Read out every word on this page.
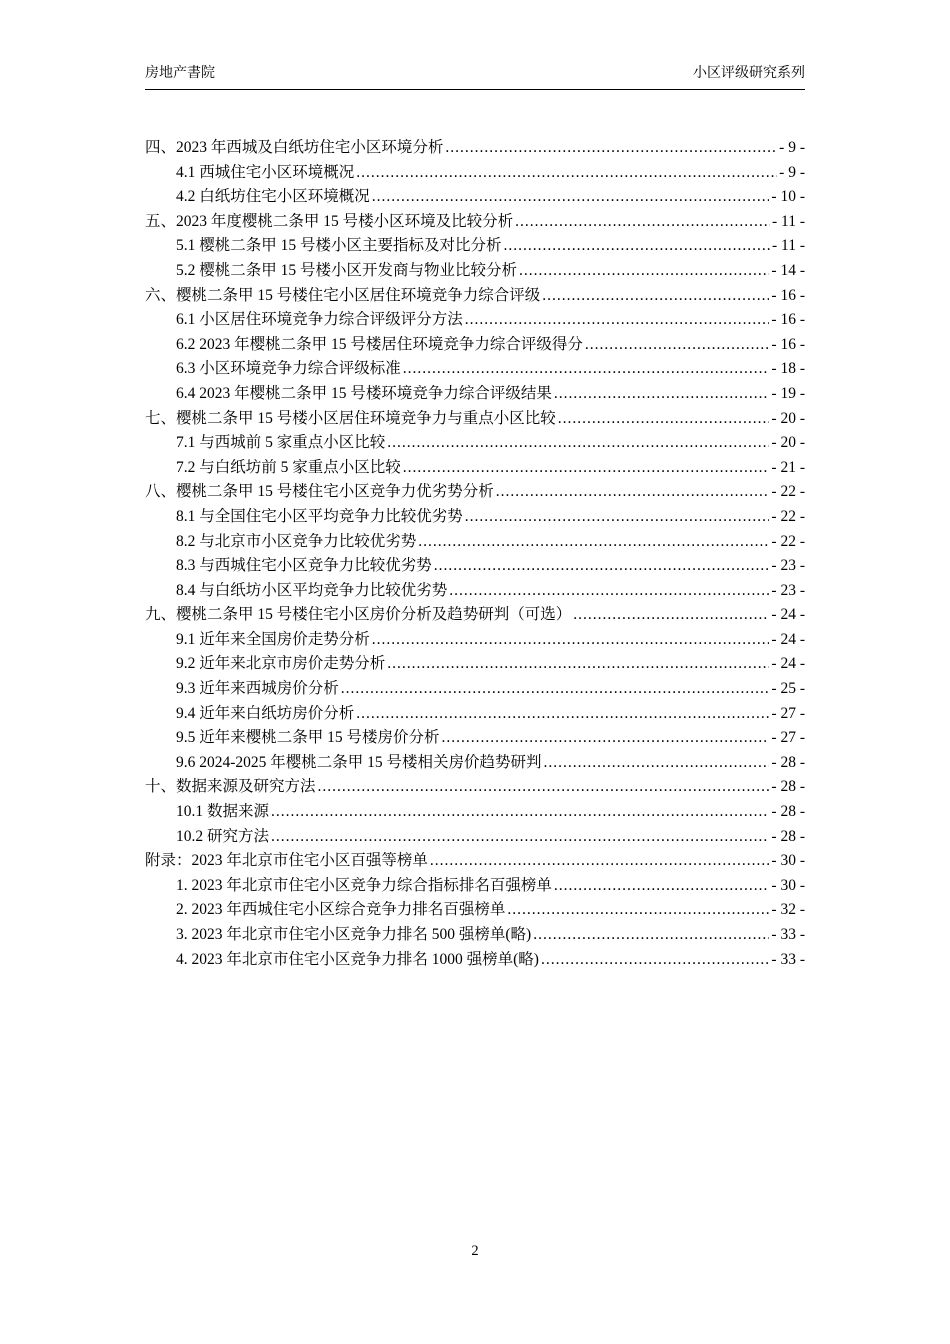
房地产書院	小区评级研究系列
四、2023 年西城及白纸坊住宅小区环境分析 .....	- 9 -
4.1 西城住宅小区环境概况 .....	- 9 -
4.2 白纸坊住宅小区环境概况 .....	- 10 -
五、2023 年度樱桃二条甲 15 号楼小区环境及比较分析 .....	- 11 -
5.1 樱桃二条甲 15 号楼小区主要指标及对比分析 .....	- 11 -
5.2 樱桃二条甲 15 号楼小区开发商与物业比较分析 .....	- 14 -
六、樱桃二条甲 15 号楼住宅小区居住环境竞争力综合评级 .....	- 16 -
6.1 小区居住环境竞争力综合评级评分方法 .....	- 16 -
6.2 2023 年樱桃二条甲 15 号楼居住环境竞争力综合评级得分 .....	- 16 -
6.3 小区环境竞争力综合评级标准 .....	- 18 -
6.4 2023 年樱桃二条甲 15 号楼环境竞争力综合评级结果 .....	- 19 -
七、樱桃二条甲 15 号楼小区居住环境竞争力与重点小区比较 .....	- 20 -
7.1 与西城前 5 家重点小区比较 .....	- 20 -
7.2 与白纸坊前 5 家重点小区比较 .....	- 21 -
八、樱桃二条甲 15 号楼住宅小区竞争力优劣势分析 .....	- 22 -
8.1 与全国住宅小区平均竞争力比较优劣势 .....	- 22 -
8.2 与北京市小区竞争力比较优劣势 .....	- 22 -
8.3 与西城住宅小区竞争力比较优劣势 .....	- 23 -
8.4 与白纸坊小区平均竞争力比较优劣势 .....	- 23 -
九、樱桃二条甲 15 号楼住宅小区房价分析及趋势研判（可选） .....	- 24 -
9.1 近年来全国房价走势分析 .....	- 24 -
9.2 近年来北京市房价走势分析 .....	- 24 -
9.3 近年来西城房价分析 .....	- 25 -
9.4 近年来白纸坊房价分析 .....	- 27 -
9.5 近年来樱桃二条甲 15 号楼房价分析 .....	- 27 -
9.6 2024-2025 年樱桃二条甲 15 号楼相关房价趋势研判 .....	- 28 -
十、数据来源及研究方法 .....	- 28 -
10.1 数据来源 .....	- 28 -
10.2 研究方法 .....	- 28 -
附录：2023 年北京市住宅小区百强等榜单 .....	- 30 -
1. 2023 年北京市住宅小区竞争力综合指标排名百强榜单 .....	- 30 -
2. 2023 年西城住宅小区综合竞争力排名百强榜单 .....	- 32 -
3. 2023 年北京市住宅小区竞争力排名 500 强榜单(略) .....	- 33 -
4. 2023 年北京市住宅小区竞争力排名 1000 强榜单(略) .....	- 33 -
2
